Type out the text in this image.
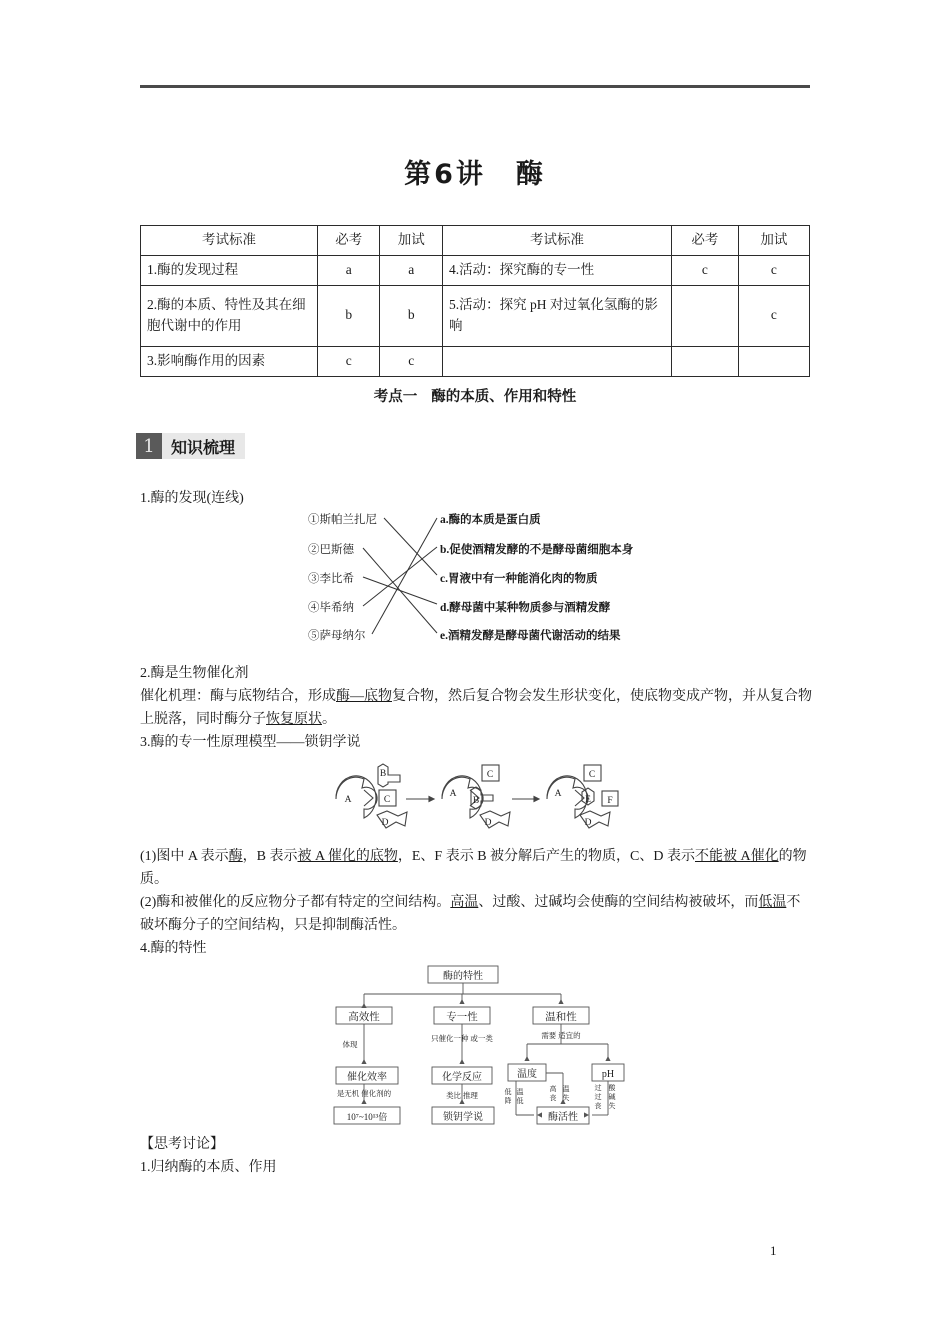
第6讲　酶
考试标准	必考	加试	考试标准	必考	加试
1.酶的发现过程	a	a	4.活动：探究酶的专一性	c	c
2.酶的本质、特性及其在细胞代谢中的作用	b	b	5.活动：探究 pH 对过氧化氢酶的影响		c
3.影响酶作用的因素	c	c			
考点一 酶的本质、作用和特性
1	知识梳理
1.酶的发现(连线)
①斯帕兰扎尼
②巴斯德
③李比希
④毕希纳
⑤萨母纳尔
a.酶的本质是蛋白质
b.促使酒精发酵的不是酵母菌细胞本身
c.胃液中有一种能消化肉的物质
d.酵母菌中某种物质参与酒精发酵
e.酒精发酵是酵母菌代谢活动的结果
2.酶是生物催化剂
催化机理：酶与底物结合，形成酶—底物复合物，然后复合物会发生形状变化，使底物变成产物，并从复合物上脱落，同时酶分子恢复原状。
3.酶的专一性原理模型——锁钥学说
A
B
C
D
A
B
C
D
A
C
E F
D
(1)图中 A 表示酶，B 表示被 A 催化的底物，E、F 表示 B 被分解后产生的物质，C、D 表示不能被 A催化的物质。
(2)酶和被催化的反应物分子都有特定的空间结构。高温、过酸、过碱均会使酶的空间结构被破坏，而低温不破坏酶分子的空间结构，只是抑制酶活性。
4.酶的特性
酶的特性
高效性	专一性	温和性
体现
只催化一种 或一类	需要 适宜的
催化效率	化学反应
是无机 催化剂的	类比 推理
10⁷~10¹³倍	锁钥学说
温度	pH
酶活性
低
降
温
低
高
丧
温
失
过
过
丧
酸
碱
失
【思考讨论】
1.归纳酶的本质、作用
1
